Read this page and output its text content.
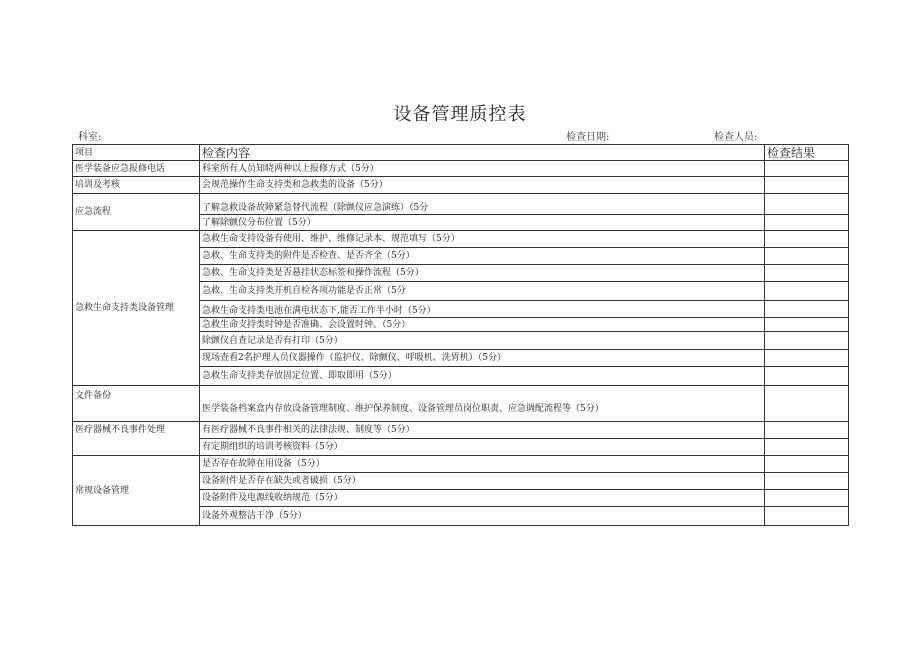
设备管理质控表
科室:	检查日期:	检查人员:
项目	检查内容	检查结果
医学装备应急报修电话	科室所有人员知晓两种以上报修方式（5分）	
培训及考核	会规范操作生命支持类和急救类的设备（5分）	
应急流程	了解急救设备故障紧急替代流程（除颤仪应急演练）（5分	
	了解除颤仪分布位置（5分）	
急救生命支持类设备管理	急救生命支持设备有使用、维护、维修记录本、规范填写（5分）	
	急救、生命支持类的附件是否检查、是否齐全（5分）	
	急救、生命支持类是否悬挂状态标签和操作流程（5分）	
	急救、生命支持类开机自检各项功能是否正常（5分	
	急救生命支持类电池在满电状态下,能否工作半小时（5分）	
	急救生命支持类时钟是否准确、会设置时钟。（5分）	
	除颤仪自查记录是否有打印（5分）	
	现场查看2名护理人员仪器操作（监护仪、除颤仪、呼吸机、洗胃机）（5分）	
	急救生命支持类存放固定位置、即取即用（5分）	
文件备份	医学装备档案盒内存放设备管理制度、维护保养制度、设备管理员岗位职责、应急调配流程等（5分）	
医疗器械不良事件处理	有医疗器械不良事件相关的法律法规、制度等（5分）	
	有定期组织的培训考核资料（5分）	
常规设备管理	是否存在故障在用设备（5分）	
	设备附件是否存在缺失或者破损（5分）	
	设备附件及电源线收纳规范（5分）	
	设备外观整洁干净（5分）	
